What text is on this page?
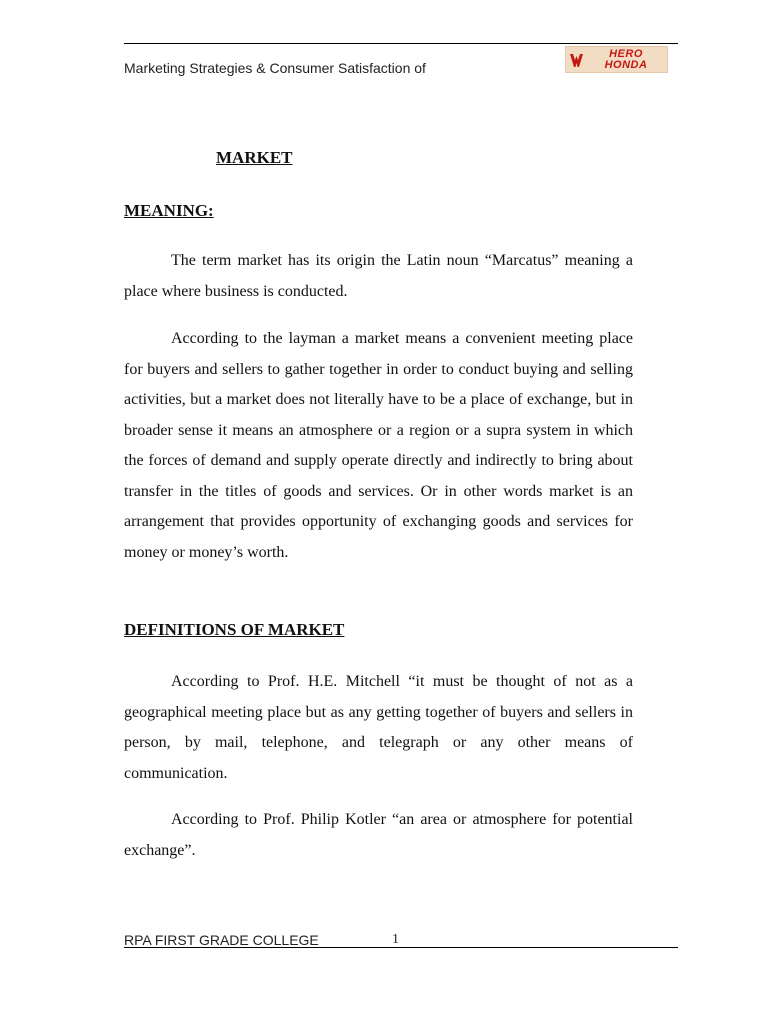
Marketing Strategies & Consumer Satisfaction of
HERO
HONDA
MARKET
MEANING:

The term market has its origin the Latin noun “Marcatus” meaning a place where business is conducted.

According to the layman a market means a convenient meeting place for buyers and sellers to gather together in order to conduct buying and selling activities, but a market does not literally have to be a place of exchange, but in broader sense it means an atmosphere or a region or a supra system in which the forces of demand and supply operate directly and indirectly to bring about transfer in the titles of goods and services. Or in other words market is an arrangement that provides opportunity of exchanging goods and services for money or money’s worth.

DEFINITIONS OF MARKET

According to Prof. H.E. Mitchell “it must be thought of not as a geographical meeting place but as any getting together of buyers and sellers in person, by mail, telephone, and telegraph or any other means of communication.

According to Prof. Philip Kotler “an area or atmosphere for potential exchange”.

RPA FIRST GRADE COLLEGE	1
